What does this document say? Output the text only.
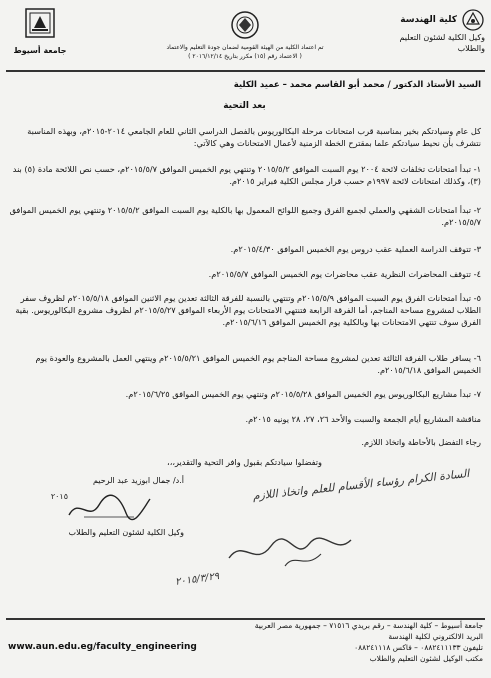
جامعة أسيوط	تم اعتماد الكلية من الهيئة القومية لضمان جودة التعليم والاعتماد
( الاعتماد رقم (١٥) مكرر بتاريخ ٢٠١٦/١٢/١٤ )
كلية الهندسة
وكيل الكلية لشئون التعليم والطلاب
السيد الأستاذ الدكتور / محمد أبو القاسم محمد – عميد الكلية
بعد التحية
كل عام وسيادتكم بخير بمناسبة قرب امتحانات مرحلة البكالوريوس بالفصل الدراسي الثاني للعام الجامعي ٢٠١٤-٢٠١٥م، وبهذه المناسبة نتشرف بأن نحيط سيادتكم علما بمقترح الخطة الزمنية لأعمال الامتحانات وهي كالآتي:
١- تبدأ امتحانات تخلفات لائحة ٢٠٠٤ يوم السبت الموافق ٢٠١٥/٥/٢ وتنتهي يوم الخميس الموافق ٢٠١٥/٥/٧م، حسب نص اللائحة مادة (٥) بند (٣)، وكذلك امتحانات لائحة ١٩٩٧م حسب قرار مجلس الكلية فبراير ٢٠١٥م.
٢- تبدأ امتحانات الشفهي والعملي لجميع الفرق وجميع اللوائح المعمول بها بالكلية يوم السبت الموافق ٢٠١٥/٥/٢ وتنتهي يوم الخميس الموافق ٢٠١٥/٥/٧م.
٣- تتوقف الدراسة العملية عقب دروس يوم الخميس الموافق ٢٠١٥/٤/٣٠م.
٤- تتوقف المحاضرات النظرية عقب محاضرات يوم الخميس الموافق ٢٠١٥/٥/٧م.
٥- تبدأ امتحانات الفرق يوم السبت الموافق ٢٠١٥/٥/٩م وتنتهي بالنسبة للفرقة الثالثة تعدين يوم الاثنين الموافق ٢٠١٥/٥/١٨م لظروف سفر الطلاب لمشروع مساحة المناجم، أما الفرقة الرابعة فتنتهي الامتحانات يوم الأربعاء الموافق ٢٠١٥/٥/٢٧م لظروف مشروع البكالوريوس. بقية الفرق سوف تنتهي الامتحانات بها وبالكلية يوم الخميس الموافق ٢٠١٥/٦/١٦م.
٦- يسافر طلاب الفرقة الثالثة تعدين لمشروع مساحة المناجم يوم الخميس الموافق ٢٠١٥/٥/٢١م وينتهي العمل بالمشروع والعودة يوم الخميس الموافق ٢٠١٥/٦/١٨م.
٧- تبدأ مشاريع البكالوريوس يوم الخميس الموافق ٢٠١٥/٥/٢٨م وتنتهي يوم الخميس الموافق ٢٠١٥/٦/٢٥م.
مناقشة المشاريع أيام الجمعة والسبت والأحد ٢٦، ٢٧، ٢٨ يونيه ٢٠١٥م.
رجاء التفضل بالأحاطة واتخاذ اللازم.
وتفضلوا سيادتكم بقبول وافر التحية والتقدير،،،
أ.د/ جمال ابوزيد عبد الرحيم
٢٠١٥
وكيل الكلية لشئون التعليم والطلاب
السادة الكرام رؤساء الأقسام للعلم واتخاذ اللازم
٢٠١٥/٣/٢٩
جامعة أسيوط – كلية الهندسة – رقم بريدي ٧١٥١٦ – جمهورية مصر العربية
البريد الالكتروني لكلية الهندسة
www.aun.edu.eg/faculty_engineering	تليفون ٠٨٨٢٤١١١٣٣ – فاكس ٠٨٨٢٤١١١٨
مكتب الوكيل لشئون التعليم والطلاب
